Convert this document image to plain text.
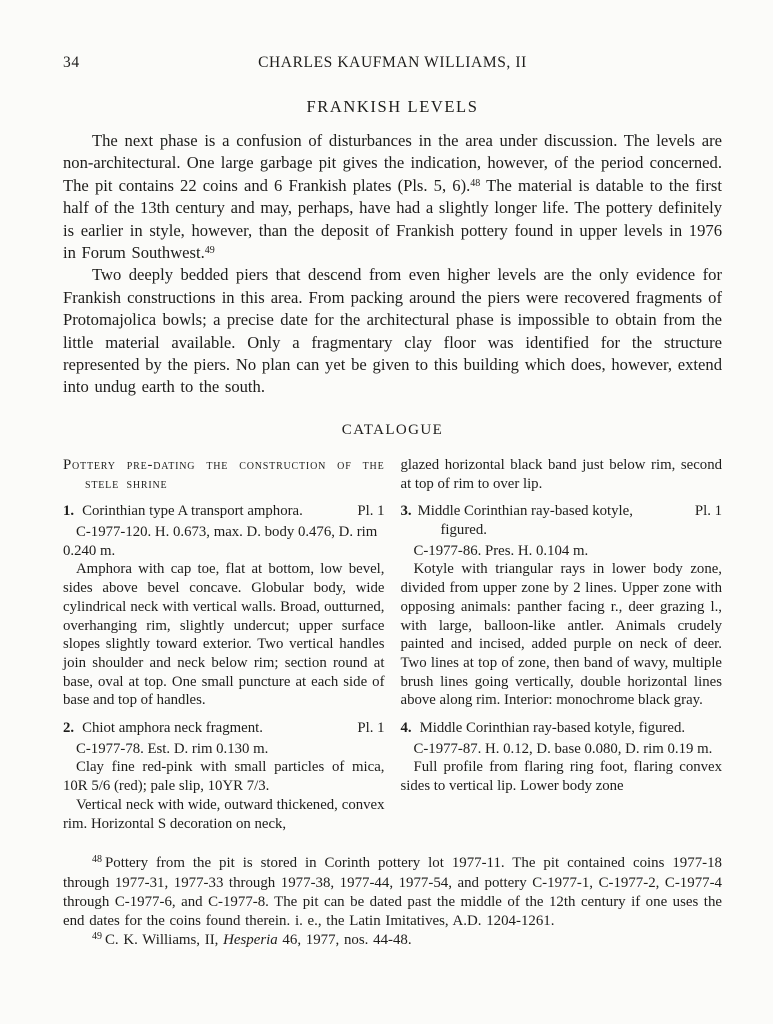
34	CHARLES KAUFMAN WILLIAMS, II
FRANKISH LEVELS

The next phase is a confusion of disturbances in the area under discussion. The levels are non-architectural. One large garbage pit gives the indication, however, of the period concerned. The pit contains 22 coins and 6 Frankish plates (Pls. 5, 6).$^{48}$ The material is datable to the first half of the 13th century and may, perhaps, have had a slightly longer life. The pottery definitely is earlier in style, however, than the deposit of Frankish pottery found in upper levels in 1976 in Forum Southwest.$^{49}$

Two deeply bedded piers that descend from even higher levels are the only evidence for Frankish constructions in this area. From packing around the piers were recovered fragments of Protomajolica bowls; a precise date for the architectural phase is impossible to obtain from the little material available. Only a fragmentary clay floor was identified for the structure represented by the piers. No plan can yet be given to this building which does, however, extend into undug earth to the south.

CATALOGUE
Pottery pre-dating the construction of the stele shrine
1. Corinthian type A transport amphora.	Pl. 1

C-1977-120. H. 0.673, max. D. body 0.476, D. rim 0.240 m.

Amphora with cap toe, flat at bottom, low bevel, sides above bevel concave. Globular body, wide cylindrical neck with vertical walls. Broad, outturned, overhanging rim, slightly undercut; upper surface slopes slightly toward exterior. Two vertical handles join shoulder and neck below rim; section round at base, oval at top. One small puncture at each side of base and top of handles.

2. Chiot amphora neck fragment.	Pl. 1

C-1977-78. Est. D. rim 0.130 m.

Clay fine red-pink with small particles of mica, 10R 5/6 (red); pale slip, 10YR 7/3.

Vertical neck with wide, outward thickened, convex rim. Horizontal S decoration on neck,

glazed horizontal black band just below rim, second at top of rim to over lip.

3. Middle Corinthian ray-based kotyle, figured.
Pl. 1

C-1977-86. Pres. H. 0.104 m.

Kotyle with triangular rays in lower body zone, divided from upper zone by 2 lines. Upper zone with opposing animals: panther facing r., deer grazing l., with large, balloon-like antler. Animals crudely painted and incised, added purple on neck of deer. Two lines at top of zone, then band of wavy, multiple brush lines going vertically, double horizontal lines above along rim. Interior: monochrome black gray.

4. Middle Corinthian ray-based kotyle, figured.

C-1977-87. H. 0.12, D. base 0.080, D. rim 0.19 m.

Full profile from flaring ring foot, flaring convex sides to vertical lip. Lower body zone

$^{48}$ Pottery from the pit is stored in Corinth pottery lot 1977-11. The pit contained coins 1977-18 through 1977-31, 1977-33 through 1977-38, 1977-44, 1977-54, and pottery C-1977-1, C-1977-2, C-1977-4 through C-1977-6, and C-1977-8. The pit can be dated past the middle of the 12th century if one uses the end dates for the coins found therein. i. e., the Latin Imitatives, A.D. 1204-1261.

$^{49}$ C. K. Williams, II, Hesperia 46, 1977, nos. 44-48.
